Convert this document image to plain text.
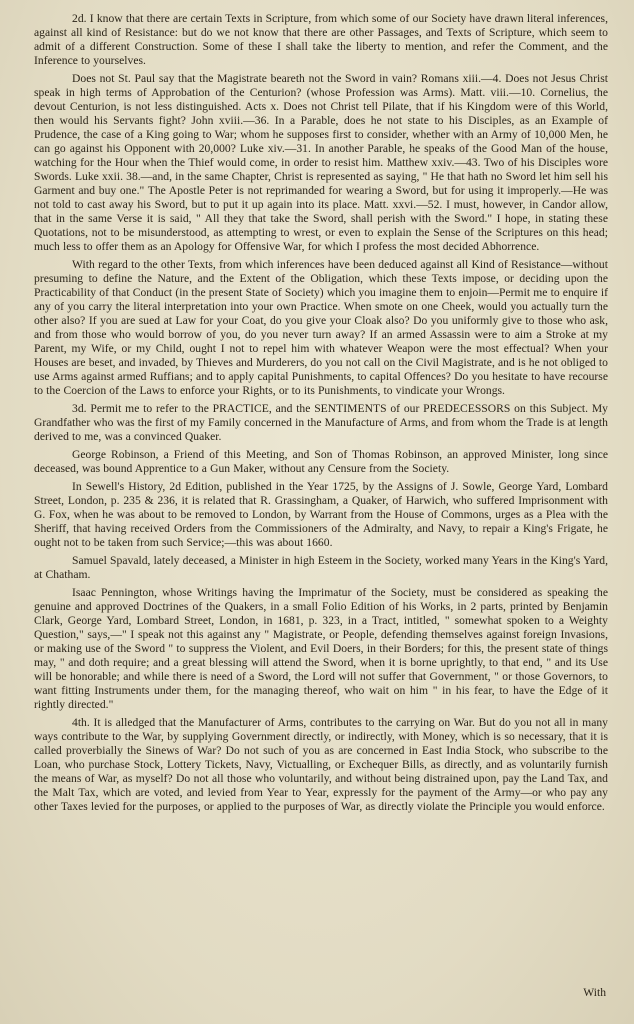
2d. I know that there are certain Texts in Scripture, from which some of our Society have drawn literal inferences, against all kind of Resistance: but do we not know that there are other Passages, and Texts of Scripture, which seem to admit of a different Construction. Some of these I shall take the liberty to mention, and refer the Comment, and the Inference to yourselves.

Does not St. Paul say that the Magistrate beareth not the Sword in vain? Romans xiii.—4. Does not Jesus Christ speak in high terms of Approbation of the Centurion? (whose Profession was Arms). Matt. viii.—10. Cornelius, the devout Centurion, is not less distinguished. Acts x. Does not Christ tell Pilate, that if his Kingdom were of this World, then would his Servants fight? John xviii.—36. In a Parable, does he not state to his Disciples, as an Example of Prudence, the case of a King going to War; whom he supposes first to consider, whether with an Army of 10,000 Men, he can go against his Opponent with 20,000? Luke xiv.—31. In another Parable, he speaks of the Good Man of the house, watching for the Hour when the Thief would come, in order to resist him. Matthew xxiv.—43. Two of his Disciples wore Swords. Luke xxii. 38.—and, in the same Chapter, Christ is represented as saying, " He that hath no Sword let him sell his Garment and buy one." The Apostle Peter is not reprimanded for wearing a Sword, but for using it improperly.—He was not told to cast away his Sword, but to put it up again into its place. Matt. xxvi.—52. I must, however, in Candor allow, that in the same Verse it is said, " All they that take the Sword, shall perish with the Sword." I hope, in stating these Quotations, not to be misunderstood, as attempting to wrest, or even to explain the Sense of the Scriptures on this head; much less to offer them as an Apology for Offensive War, for which I profess the most decided Abhorrence.

With regard to the other Texts, from which inferences have been deduced against all Kind of Resistance—without presuming to define the Nature, and the Extent of the Obligation, which these Texts impose, or deciding upon the Practicability of that Conduct (in the present State of Society) which you imagine them to enjoin—Permit me to enquire if any of you carry the literal interpretation into your own Practice. When smote on one Cheek, would you actually turn the other also? If you are sued at Law for your Coat, do you give your Cloak also? Do you uniformly give to those who ask, and from those who would borrow of you, do you never turn away? If an armed Assassin were to aim a Stroke at my Parent, my Wife, or my Child, ought I not to repel him with whatever Weapon were the most effectual? When your Houses are beset, and invaded, by Thieves and Murderers, do you not call on the Civil Magistrate, and is he not obliged to use Arms against armed Ruffians; and to apply capital Punishments, to capital Offences? Do you hesitate to have recourse to the Coercion of the Laws to enforce your Rights, or to its Punishments, to vindicate your Wrongs.

3d. Permit me to refer to the PRACTICE, and the SENTIMENTS of our PREDECESSORS on this Subject. My Grandfather who was the first of my Family concerned in the Manufacture of Arms, and from whom the Trade is at length derived to me, was a convinced Quaker.

George Robinson, a Friend of this Meeting, and Son of Thomas Robinson, an approved Minister, long since deceased, was bound Apprentice to a Gun Maker, without any Censure from the Society.

In Sewell's History, 2d Edition, published in the Year 1725, by the Assigns of J. Sowle, George Yard, Lombard Street, London, p. 235 & 236, it is related that R. Grassingham, a Quaker, of Harwich, who suffered Imprisonment with G. Fox, when he was about to be removed to London, by Warrant from the House of Commons, urges as a Plea with the Sheriff, that having received Orders from the Commissioners of the Admiralty, and Navy, to repair a King's Frigate, he ought not to be taken from such Service;—this was about 1660.

Samuel Spavald, lately deceased, a Minister in high Esteem in the Society, worked many Years in the King's Yard, at Chatham.

Isaac Pennington, whose Writings having the Imprimatur of the Society, must be considered as speaking the genuine and approved Doctrines of the Quakers, in a small Folio Edition of his Works, in 2 parts, printed by Benjamin Clark, George Yard, Lombard Street, London, in 1681, p. 323, in a Tract, intitled, " somewhat spoken to a Weighty Question," says,—" I speak not this against any " Magistrate, or People, defending themselves against foreign Invasions, or making use of the Sword " to suppress the Violent, and Evil Doers, in their Borders; for this, the present state of things may, " and doth require; and a great blessing will attend the Sword, when it is borne uprightly, to that end, " and its Use will be honorable; and while there is need of a Sword, the Lord will not suffer that Government, " or those Governors, to want fitting Instruments under them, for the managing thereof, who wait on him " in his fear, to have the Edge of it rightly directed."

4th. It is alledged that the Manufacturer of Arms, contributes to the carrying on War. But do you not all in many ways contribute to the War, by supplying Government directly, or indirectly, with Money, which is so necessary, that it is called proverbially the Sinews of War? Do not such of you as are concerned in East India Stock, who subscribe to the Loan, who purchase Stock, Lottery Tickets, Navy, Victualling, or Exchequer Bills, as directly, and as voluntarily furnish the means of War, as myself? Do not all those who voluntarily, and without being distrained upon, pay the Land Tax, and the Malt Tax, which are voted, and levied from Year to Year, expressly for the payment of the Army—or who pay any other Taxes levied for the purposes, or applied to the purposes of War, as directly violate the Principle you would enforce.

With
